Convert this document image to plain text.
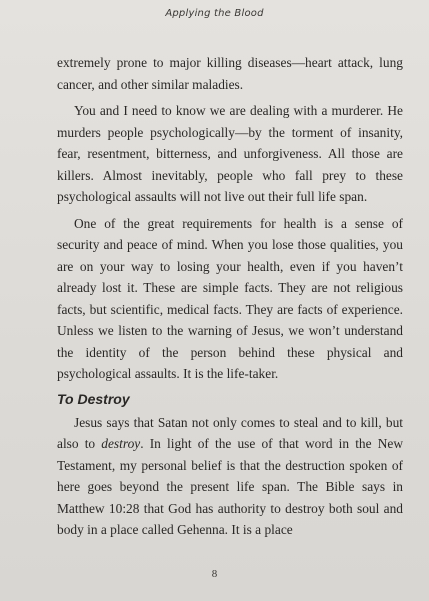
Applying the Blood

extremely prone to major killing diseases—heart attack, lung cancer, and other similar maladies.

You and I need to know we are dealing with a murderer. He murders people psychologically—by the torment of insanity, fear, resentment, bitterness, and unforgiveness. All those are killers. Almost inevitably, people who fall prey to these psychological assaults will not live out their full life span.

One of the great requirements for health is a sense of security and peace of mind. When you lose those qualities, you are on your way to losing your health, even if you haven’t already lost it. These are simple facts. They are not religious facts, but scientific, medical facts. They are facts of experience. Unless we listen to the warning of Jesus, we won’t understand the identity of the person behind these physical and psychological assaults. It is the life-taker.

To Destroy

Jesus says that Satan not only comes to steal and to kill, but also to destroy. In light of the use of that word in the New Testament, my personal belief is that the destruction spoken of here goes beyond the present life span. The Bible says in Matthew 10:28 that God has authority to destroy both soul and body in a place called Gehenna. It is a place

8
